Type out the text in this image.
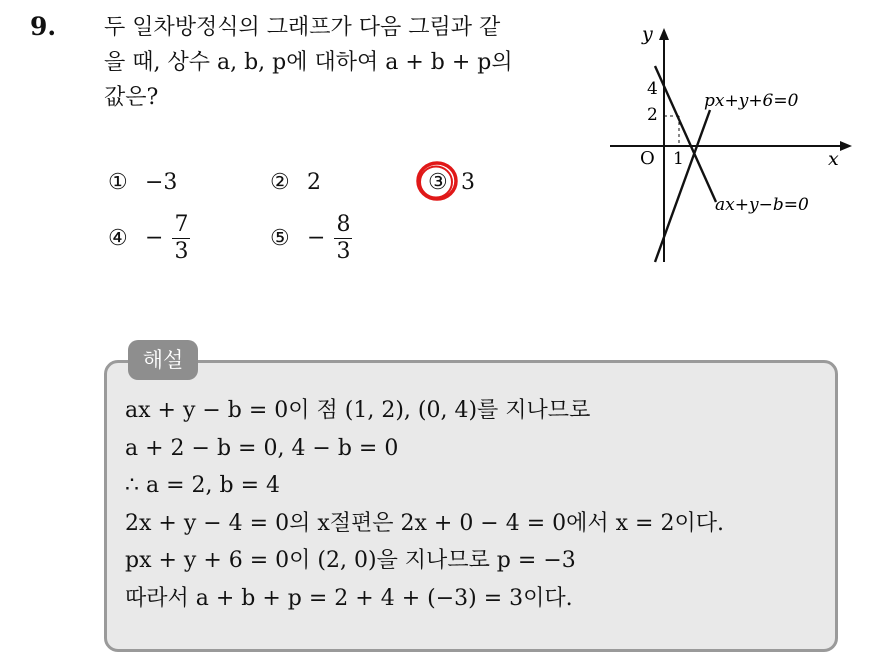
9. 두 일차방정식의 그래프가 다음 그림과 같
을 때, 상수 a, b, p에 대하여 a + b + p의
값은?
① −3	② 2	③ 3
④ − $\frac{7}{3}$	⑤ − $\frac{8}{3}$
y
x
O
4
2
1
px+y+6=0
ax+y−b=0
해설
ax + y − b = 0이 점 (1, 2), (0, 4)를 지나므로
a + 2 − b = 0, 4 − b = 0
∴ a = 2, b = 4
2x + y − 4 = 0의 x절편은 2x + 0 − 4 = 0에서 x = 2이다.
px + y + 6 = 0이 (2, 0)을 지나므로 p = −3
따라서 a + b + p = 2 + 4 + (−3) = 3이다.
